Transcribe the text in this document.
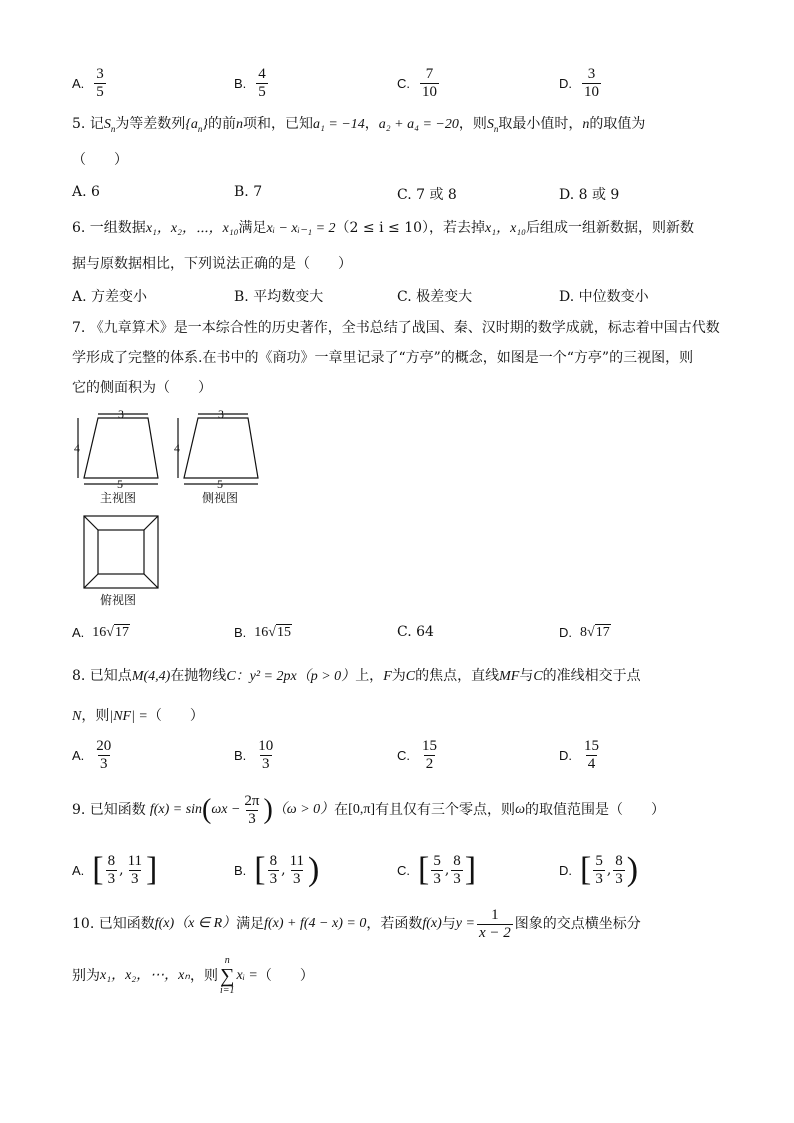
A. $\frac{3}{5}$	B. $\frac{4}{5}$	C. $\frac{7}{10}$	D. $\frac{3}{10}$
5. 记$S_n$为等差数列$\{a_n\}$的前n项和，已知a₁ = −14，a₂ + a₄ = −20，则$S_n$取最小值时，n的取值为
（　　）
A. 6	B. 7	C. 7 或 8	D. 8 或 9
6. 一组数据x₁，x₂，⋯，x₁₀满足xᵢ − xᵢ₋₁ = 2（2 ≤ i ≤ 10），若去掉x₁，x₁₀后组成一组新数据，则新数
据与原数据相比，下列说法正确的是（　　）
A. 方差变小	B. 平均数变大	C. 极差变大	D. 中位数变小
7. 《九章算术》是一本综合性的历史著作，全书总结了战国、秦、汉时期的数学成就，标志着中国古代数
学形成了完整的体系.在书中的《商功》一章里记录了“方亭”的概念，如图是一个“方亭”的三视图，则
它的侧面积为（　　）
3
4
5
3
4
5
主视图	侧视图
俯视图
A. 16 √ 17	B. 16 √ 15	C. 64	D. 8 √ 17
8. 已知点M(4,4)在抛物线C：y² = 2px（p > 0）上，F为C的焦点，直线MF与C的准线相交于点
N，则|NF| =（　　）
A. $\frac{20}{3}$	B. $\frac{10}{3}$	C. $\frac{15}{2}$	D. $\frac{15}{4}$
9. 已知函数 f(x) = sin ( $\omega x - \frac{2\pi}{3}$ ) （ω > 0） 在 [0,π] 有且仅有三个零点，则 ω 的取值范围是（　　）
A. [ $\frac{8}{3}$ , $\frac{11}{3}$ ]	B. [ $\frac{8}{3}$ , $\frac{11}{3}$ )	C. [ $\frac{5}{3}$ , $\frac{8}{3}$ ]	D. [ $\frac{5}{3}$ , $\frac{8}{3}$ )
10. 已知函数 f(x) （x ∈ R） 满足 f(x) + f(4 − x) = 0 ，若函数 f(x) 与 $y = \frac{1}{x - 2}$ 图象的交点横坐标分
别为 x₁，x₂，⋯，xₙ ，则
n
∑
i=1
xᵢ = （　　）
